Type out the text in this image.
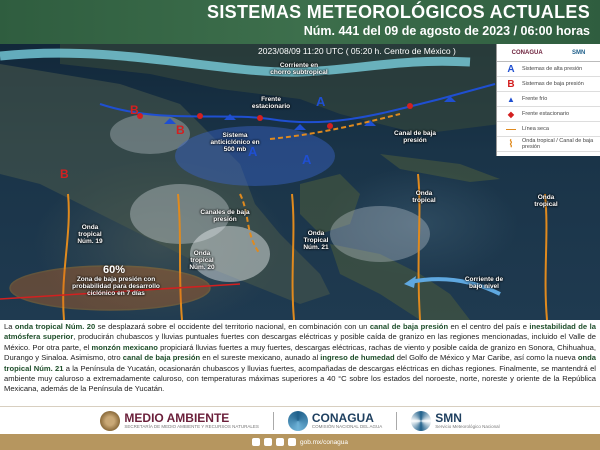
SISTEMAS METEOROLÓGICOS ACTUALES
Núm. 441 del 09 de agosto de 2023 / 06:00 horas
A
A
A
B
B
B
2023/08/09 11:20 UTC ( 05:20 h. Centro de México )
Corriente en chorro subtropical
Frente estacionario
Sistema anticiclónico en 500 mb
Canal de baja presión
Canales de baja presión
Onda tropical Núm. 19
Onda tropical Núm. 20
Onda Tropical Núm. 21
Onda tropical	Onda tropical
Corriente de bajo nivel
Zona de baja presión con probabilidad para desarrollo ciclónico en 7 días
60%
CONAGUA	SMN
A	Sistemas de alta presión
B	Sistemas de baja presión
▲	Frente frío
◆	Frente estacionario
—	Línea seca
⌇	Onda tropical / Canal de baja presión
La onda tropical Núm. 20 se desplazará sobre el occidente del territorio nacional, en combinación con un canal de baja presión en el centro del país e inestabilidad de la atmósfera superior, producirán chubascos y lluvias puntuales fuertes con descargas eléctricas y posible caída de granizo en las regiones mencionadas, incluido el Valle de México. Por otra parte, el monzón mexicano propiciará lluvias fuertes a muy fuertes, descargas eléctricas, rachas de viento y posible caída de granizo en Sonora, Chihuahua, Durango y Sinaloa. Asimismo, otro canal de baja presión en el sureste mexicano, aunado al ingreso de humedad del Golfo de México y Mar Caribe, así como la nueva onda tropical Núm. 21 a la Península de Yucatán, ocasionarán chubascos y lluvias fuertes, acompañadas de descargas eléctricas en dichas regiones. Finalmente, se mantendrá el ambiente muy caluroso a extremadamente caluroso, con temperaturas máximas superiores a 40 °C sobre los estados del noroeste, norte, noreste y oriente de la República Mexicana, además de la Península de Yucatán.
MEDIO AMBIENTE
SECRETARÍA DE MEDIO AMBIENTE Y RECURSOS NATURALES
CONAGUA
COMISIÓN NACIONAL DEL AGUA
SMN
Servicio Meteorológico Nacional
gob.mx/conagua
